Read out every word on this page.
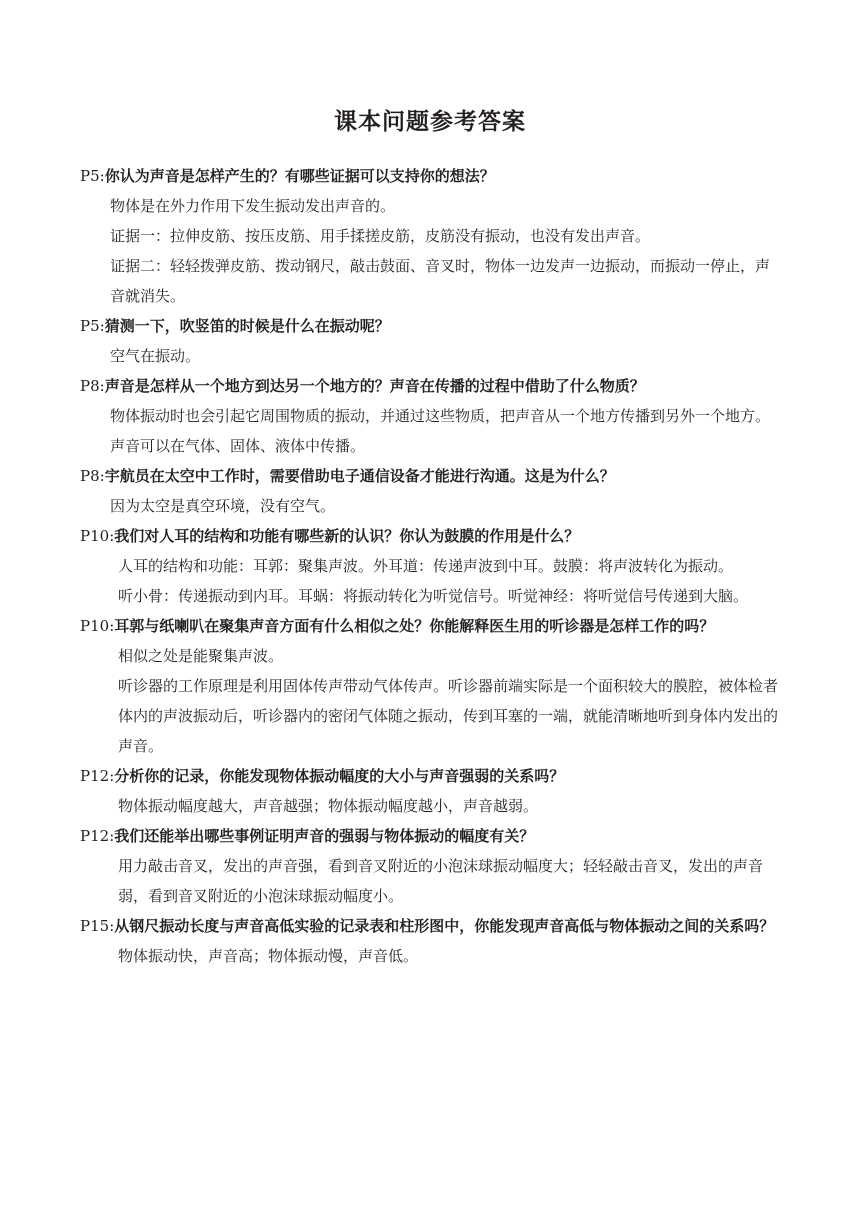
课本问题参考答案

P5:你认为声音是怎样产生的？有哪些证据可以支持你的想法？

物体是在外力作用下发生振动发出声音的。

证据一：拉伸皮筋、按压皮筋、用手揉搓皮筋，皮筋没有振动，也没有发出声音。

证据二：轻轻拨弹皮筋、拨动钢尺，敲击鼓面、音叉时，物体一边发声一边振动，而振动一停止，声音就消失。

P5:猜测一下，吹竖笛的时候是什么在振动呢？

空气在振动。

P8:声音是怎样从一个地方到达另一个地方的？声音在传播的过程中借助了什么物质？

物体振动时也会引起它周围物质的振动，并通过这些物质，把声音从一个地方传播到另外一个地方。声音可以在气体、固体、液体中传播。

P8:宇航员在太空中工作时，需要借助电子通信设备才能进行沟通。这是为什么？

因为太空是真空环境，没有空气。

P10:我们对人耳的结构和功能有哪些新的认识？你认为鼓膜的作用是什么？

人耳的结构和功能：耳郭：聚集声波。外耳道：传递声波到中耳。鼓膜：将声波转化为振动。

听小骨：传递振动到内耳。耳蜗：将振动转化为听觉信号。听觉神经：将听觉信号传递到大脑。

P10:耳郭与纸喇叭在聚集声音方面有什么相似之处？你能解释医生用的听诊器是怎样工作的吗？

相似之处是能聚集声波。

听诊器的工作原理是利用固体传声带动气体传声。听诊器前端实际是一个面积较大的膜腔，被体检者体内的声波振动后，听诊器内的密闭气体随之振动，传到耳塞的一端，就能清晰地听到身体内发出的声音。

P12:分析你的记录，你能发现物体振动幅度的大小与声音强弱的关系吗？

物体振动幅度越大，声音越强；物体振动幅度越小，声音越弱。

P12:我们还能举出哪些事例证明声音的强弱与物体振动的幅度有关？

用力敲击音叉，发出的声音强，看到音叉附近的小泡沫球振动幅度大；轻轻敲击音叉，发出的声音弱，看到音叉附近的小泡沫球振动幅度小。

P15:从钢尺振动长度与声音高低实验的记录表和柱形图中，你能发现声音高低与物体振动之间的关系吗？

物体振动快，声音高；物体振动慢，声音低。
